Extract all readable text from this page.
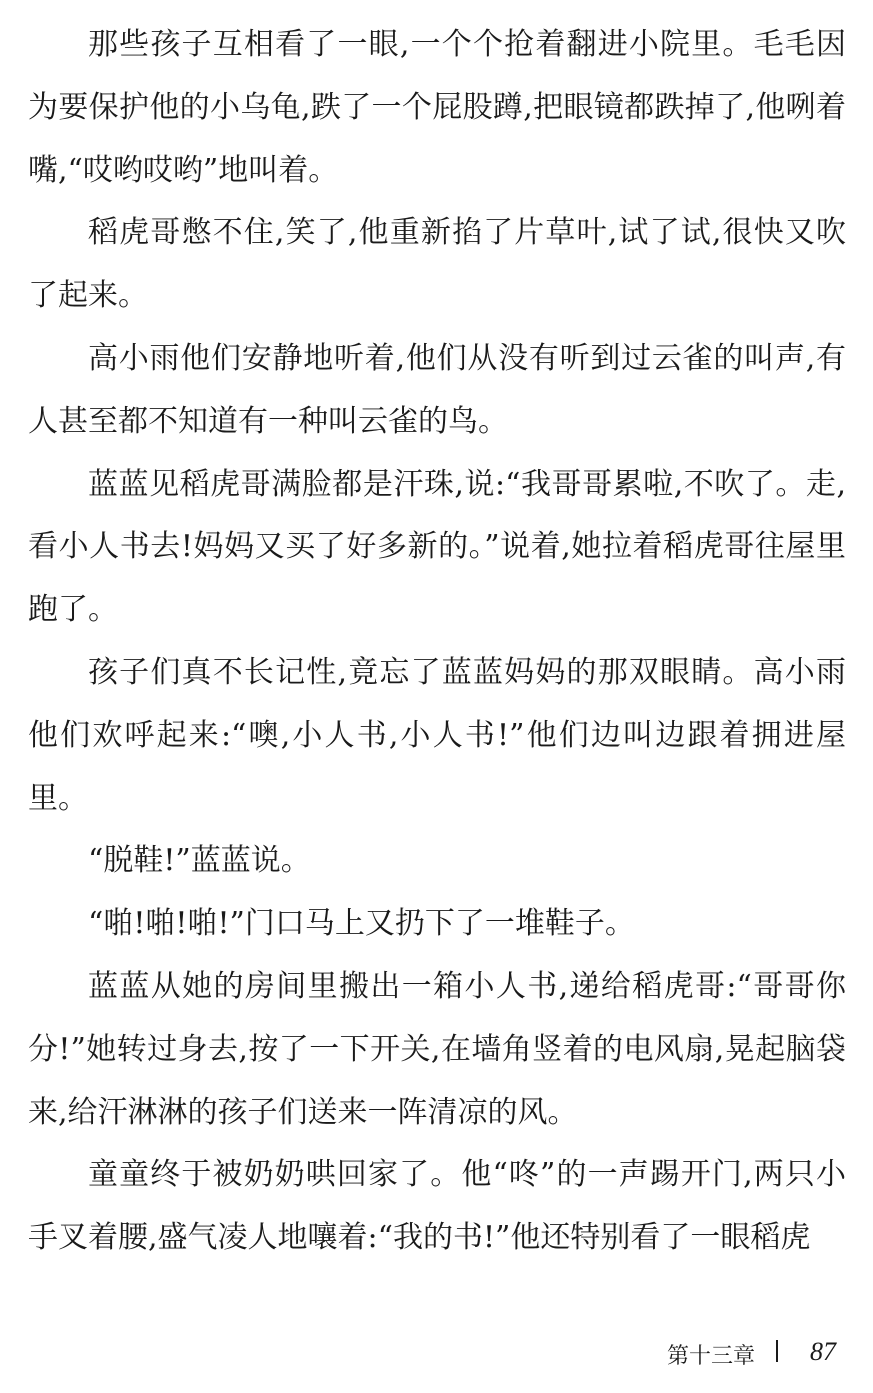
那些孩子互相看了一眼,一个个抢着翻进小院里。毛毛因为要保护他的小乌龟,跌了一个屁股蹲,把眼镜都跌掉了,他咧着嘴,“哎哟哎哟”地叫着。

稻虎哥憋不住,笑了,他重新掐了片草叶,试了试,很快又吹了起来。

高小雨他们安静地听着,他们从没有听到过云雀的叫声,有人甚至都不知道有一种叫云雀的鸟。

蓝蓝见稻虎哥满脸都是汗珠,说:“我哥哥累啦,不吹了。走,看小人书去!妈妈又买了好多新的。”说着,她拉着稻虎哥往屋里跑了。

孩子们真不长记性,竟忘了蓝蓝妈妈的那双眼睛。高小雨他们欢呼起来:“噢,小人书,小人书!”他们边叫边跟着拥进屋里。

“脱鞋!”蓝蓝说。

“啪!啪!啪!”门口马上又扔下了一堆鞋子。

蓝蓝从她的房间里搬出一箱小人书,递给稻虎哥:“哥哥你分!”她转过身去,按了一下开关,在墙角竖着的电风扇,晃起脑袋来,给汗淋淋的孩子们送来一阵清凉的风。

童童终于被奶奶哄回家了。他“咚”的一声踢开门,两只小手叉着腰,盛气凌人地嚷着:“我的书!”他还特别看了一眼稻虎

第十三章 87
